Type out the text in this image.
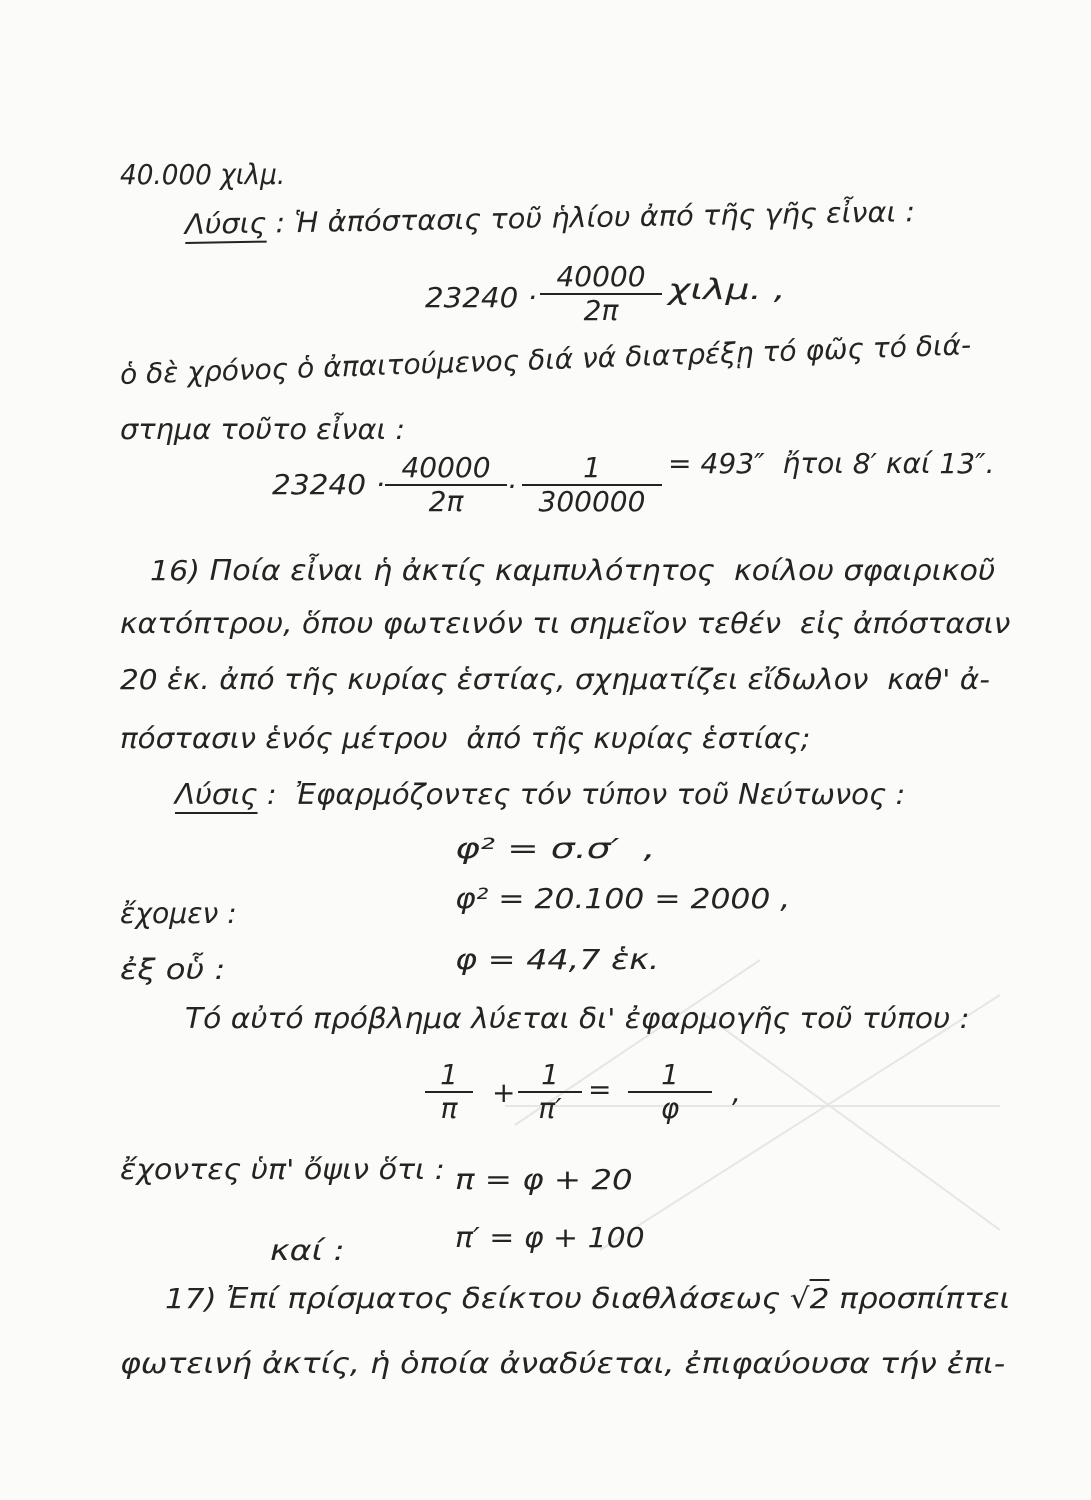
40.000 χιλμ.
Λύσις : Ἡ ἀπόστασις τοῦ ἡλίου ἀπό τῆς γῆς εἶναι :
23240 ·
40000
2π
χιλμ. ,
ὁ δὲ χρόνος ὁ ἀπαιτούμενος διά νά διατρέξῃ τό φῶς τό διά-
στημα τοῦτο εἶναι :
23240 ·
40000
2π ·
1
300000
= 493″  ἤτοι 8′ καί 13″.
16) Ποία εἶναι ἡ ἀκτίς καμπυλότητος  κοίλου σφαιρικοῦ
κατόπτρου, ὅπου φωτεινόν τι σημεῖον τεθέν  εἰς ἀπόστασιν
20 ἑκ. ἀπό τῆς κυρίας ἑστίας, σχηματίζει εἴδωλον  καθ' ἀ-
πόστασιν ἑνός μέτρου  ἀπό τῆς κυρίας ἑστίας;
Λύσις :  Ἐφαρμόζοντες τόν τύπον τοῦ Νεύτωνος :
φ² = σ.σ′  ,
ἔχομεν :	φ² = 20.100 = 2000 ,
ἐξ οὗ :	φ = 44,7 ἑκ.
Τό αὐτό πρόβλημα λύεται δι' ἐφαρμογῆς τοῦ τύπου :
1
π +
1
π′
= 1
φ ,
ἔχοντες ὑπ' ὄψιν ὅτι : π = φ + 20
καί :	π′ = φ + 100
17) Ἐπί πρίσματος δείκτου διαθλάσεως √2 προσπίπτει
φωτεινή ἀκτίς, ἡ ὁποία ἀναδύεται, ἐπιφαύουσα τήν ἐπι-
